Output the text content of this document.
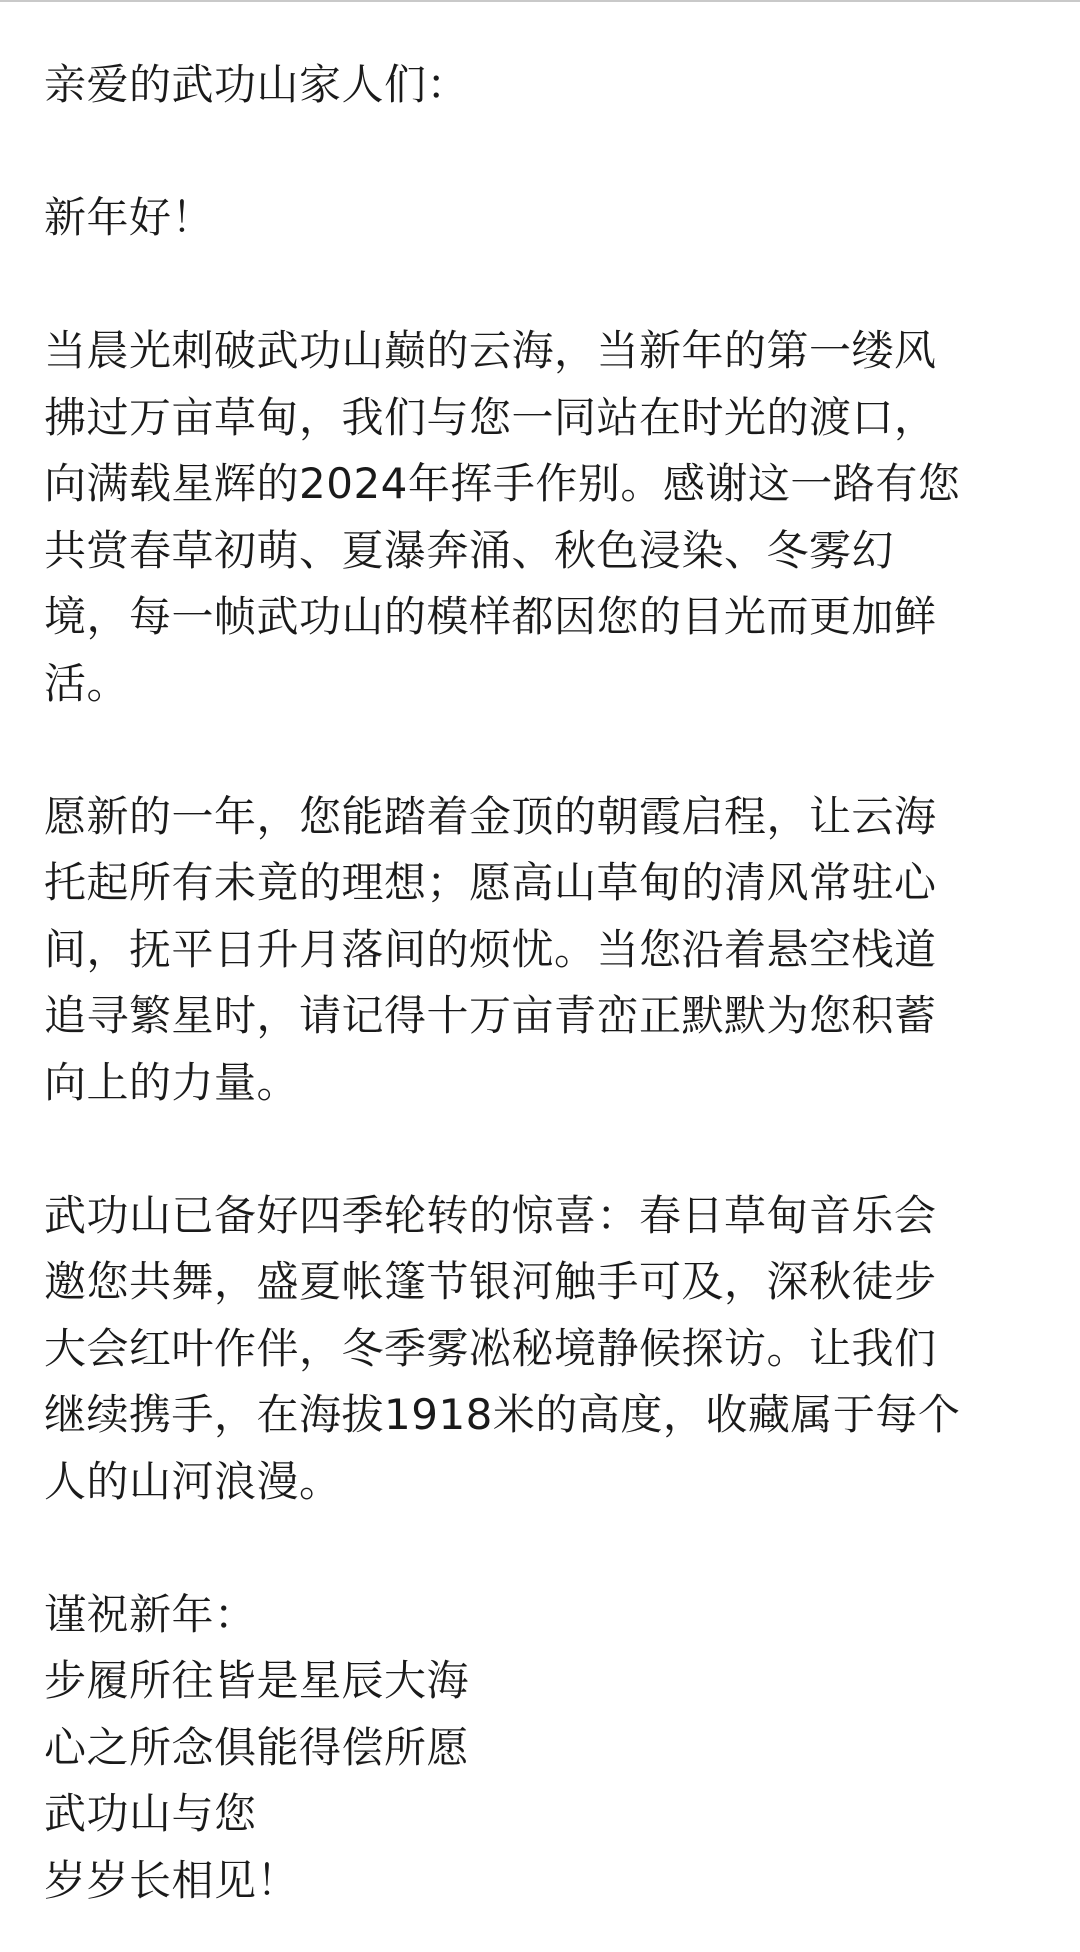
亲爱的武功山家人们：
新年好！
当晨光刺破武功山巅的云海，当新年的第一缕风
拂过万亩草甸，我们与您一同站在时光的渡口，
向满载星辉的2024年挥手作别。感谢这一路有您
共赏春草初萌、夏瀑奔涌、秋色浸染、冬雾幻
境，每一帧武功山的模样都因您的目光而更加鲜
活。
愿新的一年，您能踏着金顶的朝霞启程，让云海
托起所有未竟的理想；愿高山草甸的清风常驻心
间，抚平日升月落间的烦忧。当您沿着悬空栈道
追寻繁星时，请记得十万亩青峦正默默为您积蓄
向上的力量。
武功山已备好四季轮转的惊喜：春日草甸音乐会
邀您共舞，盛夏帐篷节银河触手可及，深秋徒步
大会红叶作伴，冬季雾凇秘境静候探访。让我们
继续携手，在海拔1918米的高度，收藏属于每个
人的山河浪漫。
谨祝新年：
步履所往皆是星辰大海
心之所念俱能得偿所愿
武功山与您
岁岁长相见！
